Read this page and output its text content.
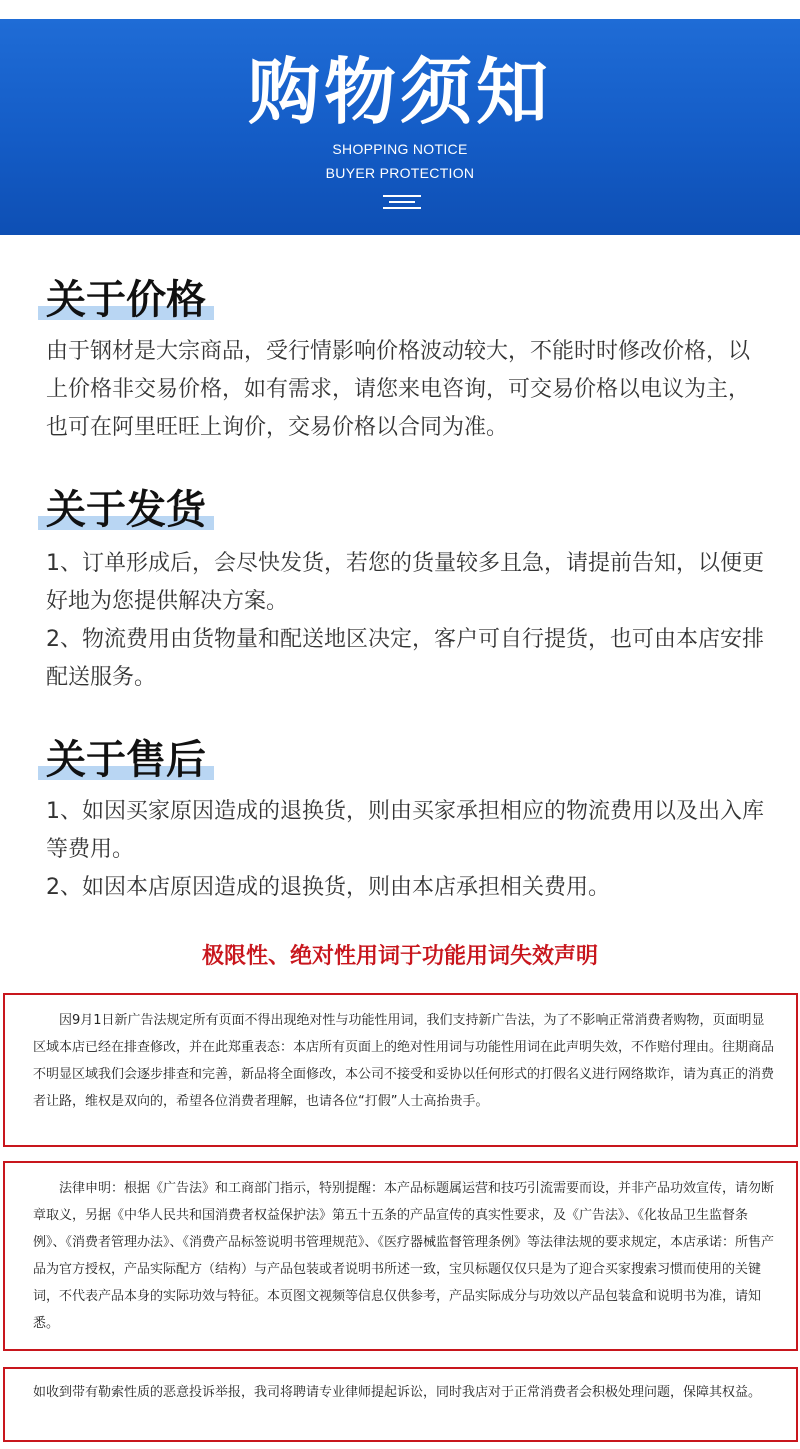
购物须知
SHOPPING NOTICE
BUYER PROTECTION
关于价格

由于钢材是大宗商品，受行情影响价格波动较大，不能时时修改价格，以上价格非交易价格，如有需求，请您来电咨询，可交易价格以电议为主，也可在阿里旺旺上询价，交易价格以合同为准。

关于发货

1、订单形成后，会尽快发货，若您的货量较多且急，请提前告知，以便更好地为您提供解决方案。

2、物流费用由货物量和配送地区决定，客户可自行提货，也可由本店安排配送服务。

关于售后

1、如因买家原因造成的退换货，则由买家承担相应的物流费用以及出入库等费用。

2、如因本店原因造成的退换货，则由本店承担相关费用。

极限性、绝对性用词于功能用词失效声明

因9月1日新广告法规定所有页面不得出现绝对性与功能性用词，我们支持新广告法，为了不影响正常消费者购物，页面明显区域本店已经在排查修改，并在此郑重表态：本店所有页面上的绝对性用词与功能性用词在此声明失效，不作赔付理由。往期商品不明显区域我们会逐步排查和完善，新品将全面修改，本公司不接受和妥协以任何形式的打假名义进行网络欺诈，请为真正的消费者让路，维权是双向的，希望各位消费者理解，也请各位“打假”人士高抬贵手。

法律申明：根据《广告法》和工商部门指示，特别提醒：本产品标题属运营和技巧引流需要而设，并非产品功效宣传，请勿断章取义，另据《中华人民共和国消费者权益保护法》第五十五条的产品宣传的真实性要求，及《广告法》、《化妆品卫生监督条例》、《消费者管理办法》、《消费产品标签说明书管理规范》、《医疗器械监督管理条例》等法律法规的要求规定，本店承诺：所售产品为官方授权，产品实际配方（结构）与产品包装或者说明书所述一致，宝贝标题仅仅只是为了迎合买家搜索习惯而使用的关键词，不代表产品本身的实际功效与特征。本页图文视频等信息仅供参考，产品实际成分与功效以产品包装盒和说明书为准，请知悉。

如收到带有勒索性质的恶意投诉举报，我司将聘请专业律师提起诉讼，同时我店对于正常消费者会积极处理问题，保障其权益。
